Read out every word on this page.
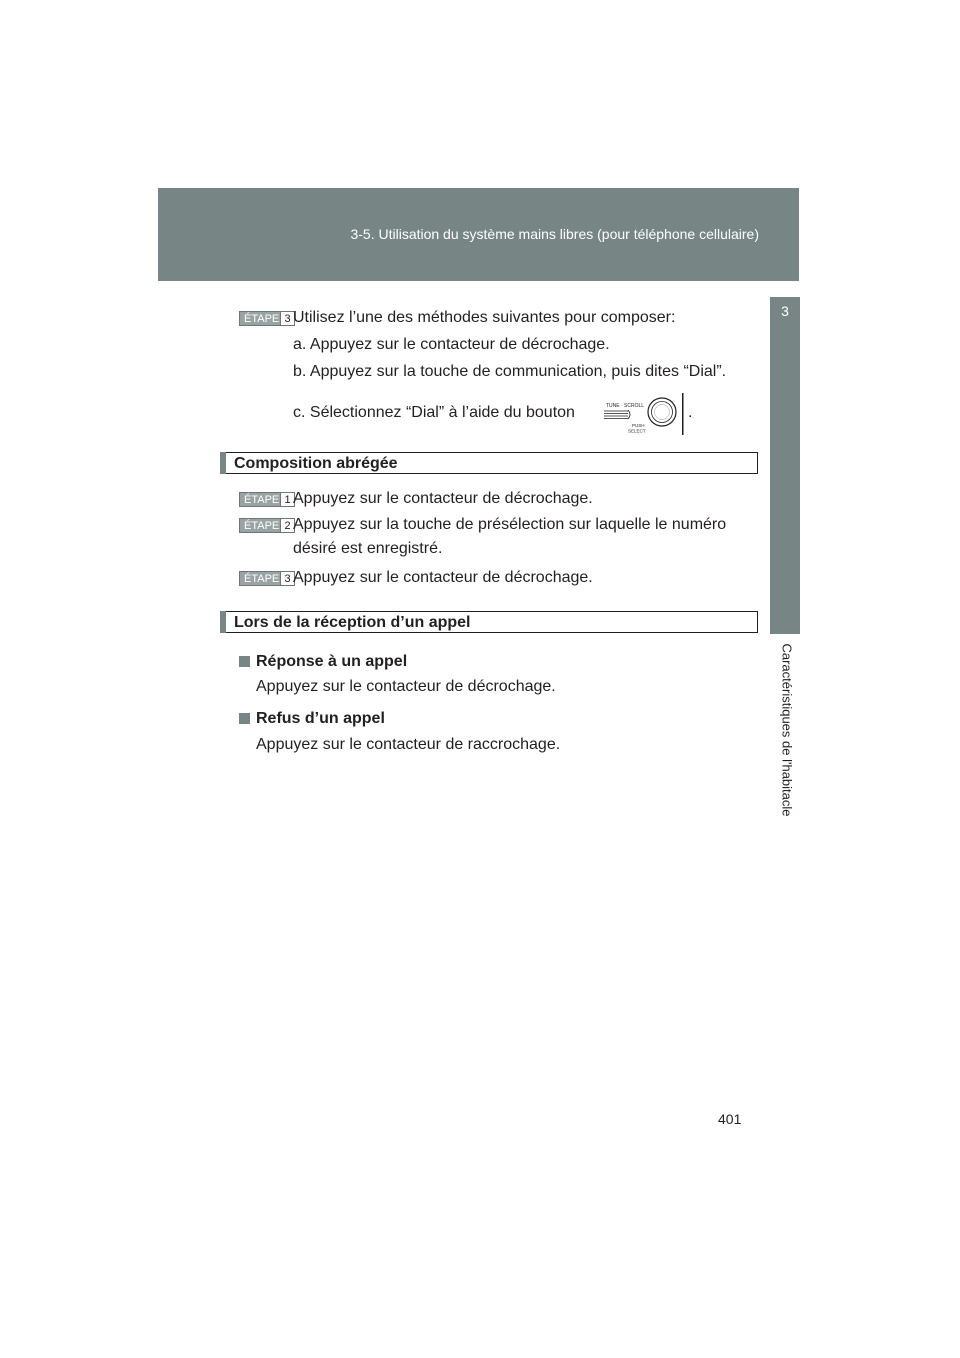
3-5. Utilisation du système mains libres (pour téléphone cellulaire)
3
Caractéristiques de l'habitacle
ÉTAPE 3 Utilisez l’une des méthodes suivantes pour composer:
a. Appuyez sur le contacteur de décrochage.
b. Appuyez sur la touche de communication, puis dites “Dial”.
c. Sélectionnez “Dial” à l’aide du bouton	.
TUNE · SCROLL
PUSH
SELECT
Composition abrégée
ÉTAPE 1 Appuyez sur le contacteur de décrochage.
ÉTAPE 2 Appuyez sur la touche de présélection sur laquelle le numéro
désiré est enregistré.
ÉTAPE 3 Appuyez sur le contacteur de décrochage.
Lors de la réception d’un appel
Réponse à un appel
Appuyez sur le contacteur de décrochage.
Refus d’un appel
Appuyez sur le contacteur de raccrochage.
401
